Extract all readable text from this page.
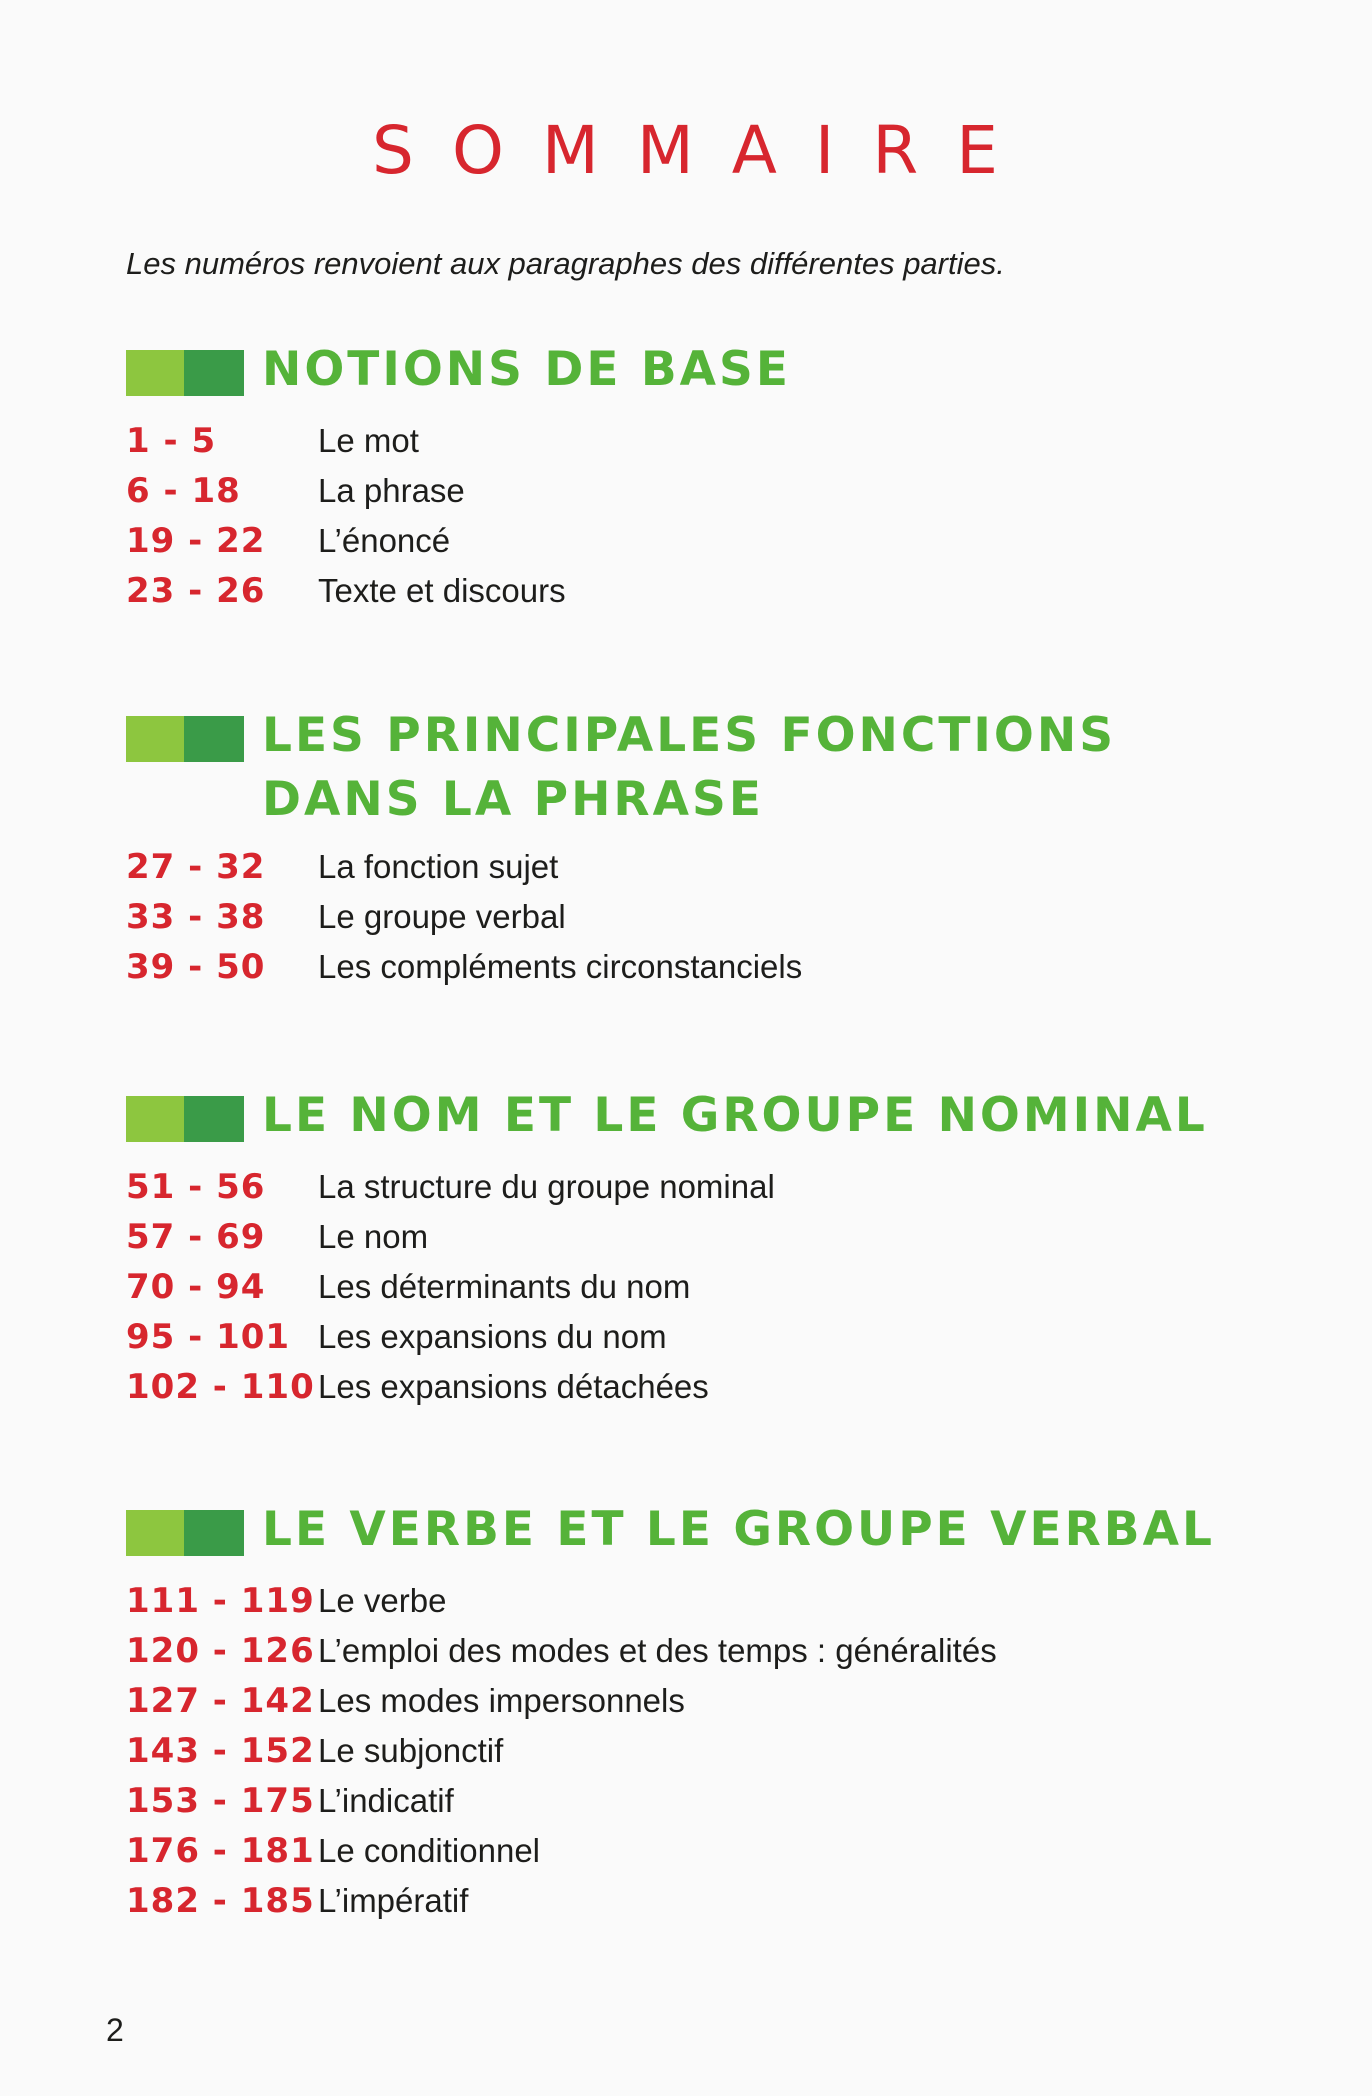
SOMMAIRE
Les numéros renvoient aux paragraphes des différentes parties.
NOTIONS DE BASE
1 - 5	Le mot
6 - 18	La phrase
19 - 22	L’énoncé
23 - 26	Texte et discours
LES PRINCIPALES FONCTIONS
DANS LA PHRASE
27 - 32	La fonction sujet
33 - 38	Le groupe verbal
39 - 50	Les compléments circonstanciels
LE NOM ET LE GROUPE NOMINAL
51 - 56	La structure du groupe nominal
57 - 69	Le nom
70 - 94	Les déterminants du nom
95 - 101 Les expansions du nom
102 - 110 Les expansions détachées
LE VERBE ET LE GROUPE VERBAL
111 - 119 Le verbe
120 - 126 L’emploi des modes et des temps : généralités
127 - 142 Les modes impersonnels
143 - 152 Le subjonctif
153 - 175 L’indicatif
176 - 181 Le conditionnel
182 - 185 L’impératif
2
